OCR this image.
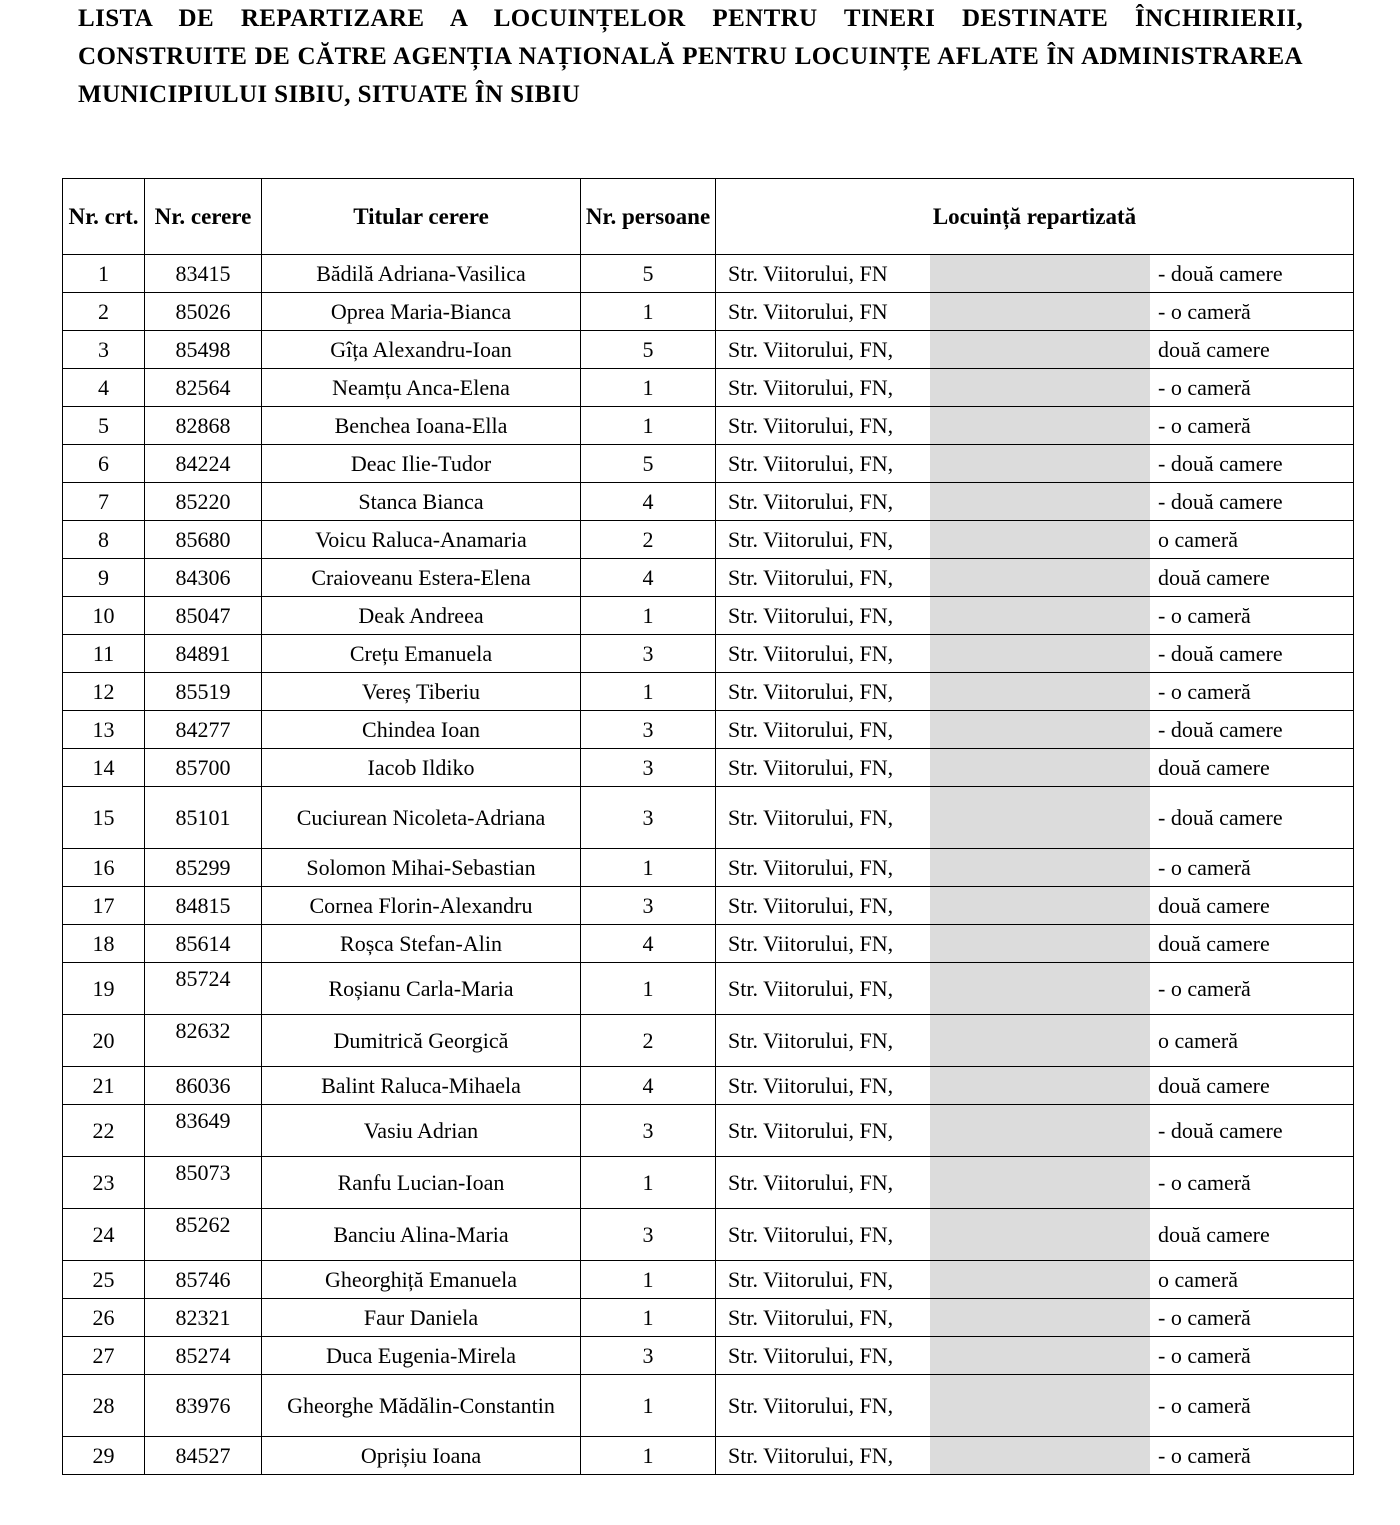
LISTA DE REPARTIZARE A LOCUINȚELOR PENTRU TINERI DESTINATE ÎNCHIRIERII, CONSTRUITE DE CĂTRE AGENȚIA NAȚIONALĂ PENTRU LOCUINȚE AFLATE ÎN ADMINISTRAREA MUNICIPIULUI SIBIU, SITUATE ÎN SIBIU
Nr. crt.	Nr. cerere	Titular cerere	Nr. persoane	Locuință repartizată
1	83415	Bădilă Adriana-Vasilica	5	Str. Viitorului, FN - două camere

2	85026	Oprea Maria-Bianca	1	Str. Viitorului, FN - o cameră

3	85498	Gîța Alexandru-Ioan	5	Str. Viitorului, FN, două camere

4	82564	Neamțu Anca-Elena	1	Str. Viitorului, FN, - o cameră

5	82868	Benchea Ioana-Ella	1	Str. Viitorului, FN, - o cameră

6	84224	Deac Ilie-Tudor	5	Str. Viitorului, FN, - două camere

7	85220	Stanca Bianca	4	Str. Viitorului, FN, - două camere

8	85680	Voicu Raluca-Anamaria	2	Str. Viitorului, FN, o cameră

9	84306	Craioveanu Estera-Elena	4	Str. Viitorului, FN, două camere

10	85047	Deak Andreea	1	Str. Viitorului, FN, - o cameră

11	84891	Crețu Emanuela	3	Str. Viitorului, FN, - două camere

12	85519	Vereș Tiberiu	1	Str. Viitorului, FN, - o cameră

13	84277	Chindea Ioan	3	Str. Viitorului, FN, - două camere

14	85700	Iacob Ildiko	3	Str. Viitorului, FN, două camere

15	85101	Cuciurean Nicoleta-Adriana	3	Str. Viitorului, FN, - două camere

16	85299	Solomon Mihai-Sebastian	1	Str. Viitorului, FN, - o cameră

17	84815	Cornea Florin-Alexandru	3	Str. Viitorului, FN, două camere

18	85614	Roșca Stefan-Alin	4	Str. Viitorului, FN, două camere

19	85724	Roșianu Carla-Maria	1	Str. Viitorului, FN, - o cameră

20	82632	Dumitrică Georgică	2	Str. Viitorului, FN, o cameră

21	86036	Balint Raluca-Mihaela	4	Str. Viitorului, FN, două camere

22	83649	Vasiu Adrian	3	Str. Viitorului, FN, - două camere

23	85073	Ranfu Lucian-Ioan	1	Str. Viitorului, FN, - o cameră

24	85262	Banciu Alina-Maria	3	Str. Viitorului, FN, două camere

25	85746	Gheorghiță Emanuela	1	Str. Viitorului, FN, o cameră

26	82321	Faur Daniela	1	Str. Viitorului, FN, - o cameră

27	85274	Duca Eugenia-Mirela	3	Str. Viitorului, FN, - o cameră

28	83976	Gheorghe Mădălin-Constantin	1	Str. Viitorului, FN, - o cameră

29	84527	Oprișiu Ioana	1	Str. Viitorului, FN, - o cameră
